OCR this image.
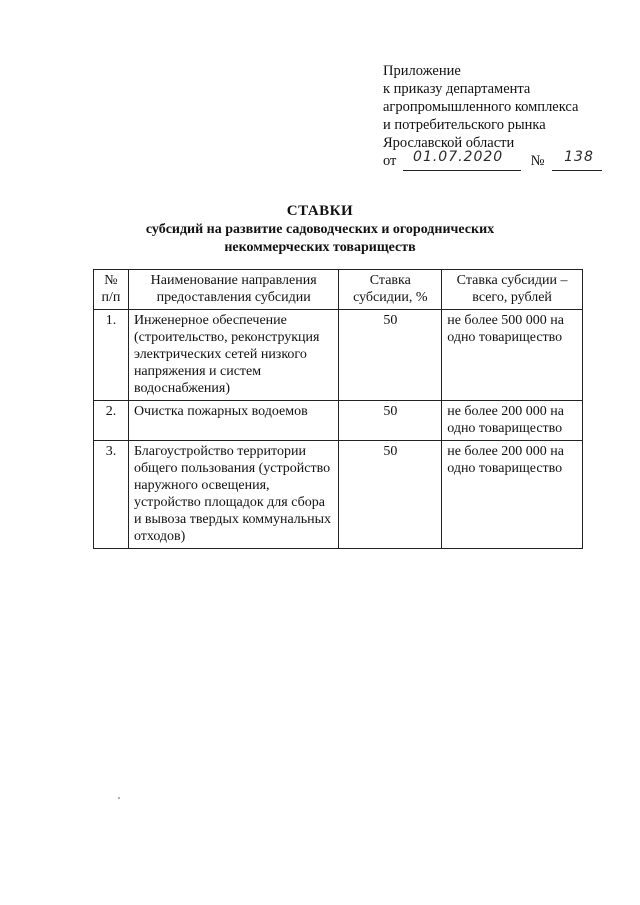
Приложение
к приказу департамента
агропромышленного комплекса
и потребительского рынка
Ярославской области
от 01.07.2020 № 138
СТАВКИ
субсидий на развитие садоводческих и огороднических
некоммерческих товариществ
№ п/п	Наименование направления предоставления субсидии	Ставка субсидии, %	Ставка субсидии – всего, рублей
1.	Инженерное обеспечение (строительство, реконструкция электрических сетей низкого напряжения и систем водоснабжения)	50	не более 500 000 на одно товарищество
2.	Очистка пожарных водоемов	50	не более 200 000 на одно товарищество
3.	Благоустройство территории общего пользования (устройство наружного освещения, устройство площадок для сбора и вывоза твердых коммунальных отходов)	50	не более 200 000 на одно товарищество
